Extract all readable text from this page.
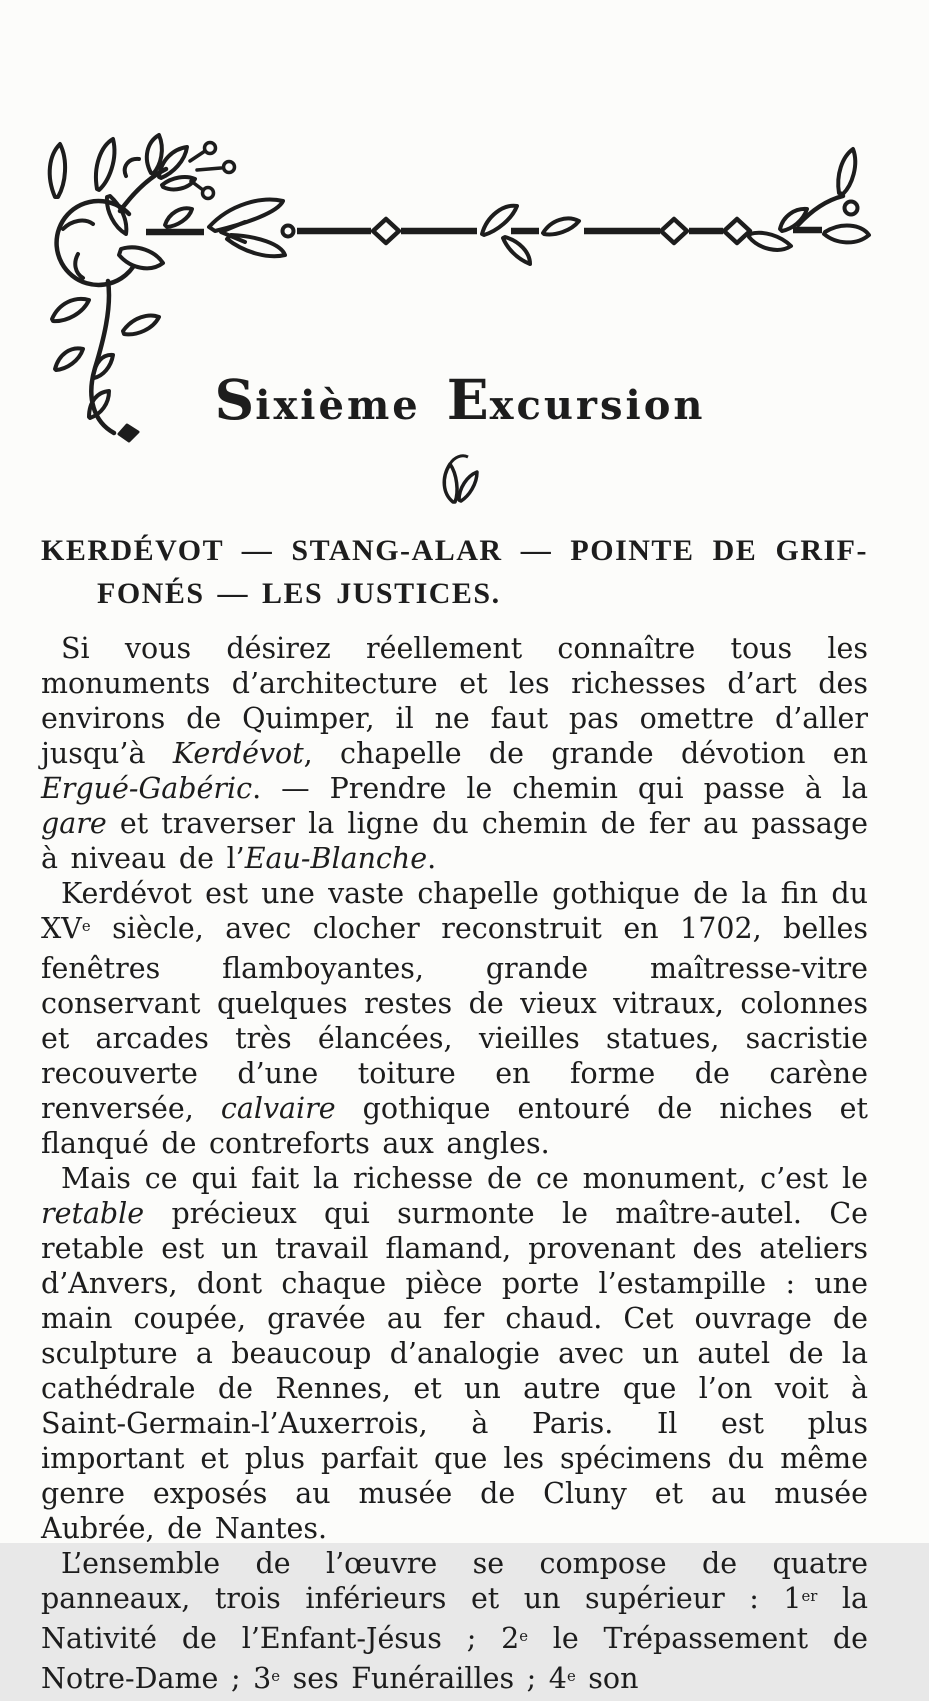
Sixième Excursion
KERDÉVOT — STANG-ALAR — POINTE DE GRIF-
FONÉS — LES JUSTICES.

Si vous désirez réellement connaître tous les monuments d’architecture et les richesses d’art des environs de Quimper, il ne faut pas omettre d’aller jusqu’à Kerdévot, chapelle de grande dévotion en Ergué-Gabéric. — Prendre le chemin qui passe à la gare et traverser la ligne du chemin de fer au passage à niveau de l’Eau-Blanche.

Kerdévot est une vaste chapelle gothique de la fin du XVe siècle, avec clocher reconstruit en 1702, belles fenêtres flamboyantes, grande maîtresse-vitre conservant quelques restes de vieux vitraux, colonnes et arcades très élancées, vieilles statues, sacristie recouverte d’une toiture en forme de carène renversée, calvaire gothique entouré de niches et flanqué de contreforts aux angles.

Mais ce qui fait la richesse de ce monument, c’est le retable précieux qui surmonte le maître-autel. Ce retable est un travail flamand, provenant des ateliers d’Anvers, dont chaque pièce porte l’estampille : une main coupée, gravée au fer chaud. Cet ouvrage de sculpture a beaucoup d’analogie avec un autel de la cathédrale de Rennes, et un autre que l’on voit à Saint-Germain-l’Auxerrois, à Paris. Il est plus important et plus parfait que les spécimens du même genre exposés au musée de Cluny et au musée Aubrée, de Nantes.

L’ensemble de l’œuvre se compose de quatre panneaux, trois inférieurs et un supérieur : 1er la Nativité de l’Enfant-Jésus ; 2e le Trépassement de Notre-Dame ; 3e ses Funérailles ; 4e son
